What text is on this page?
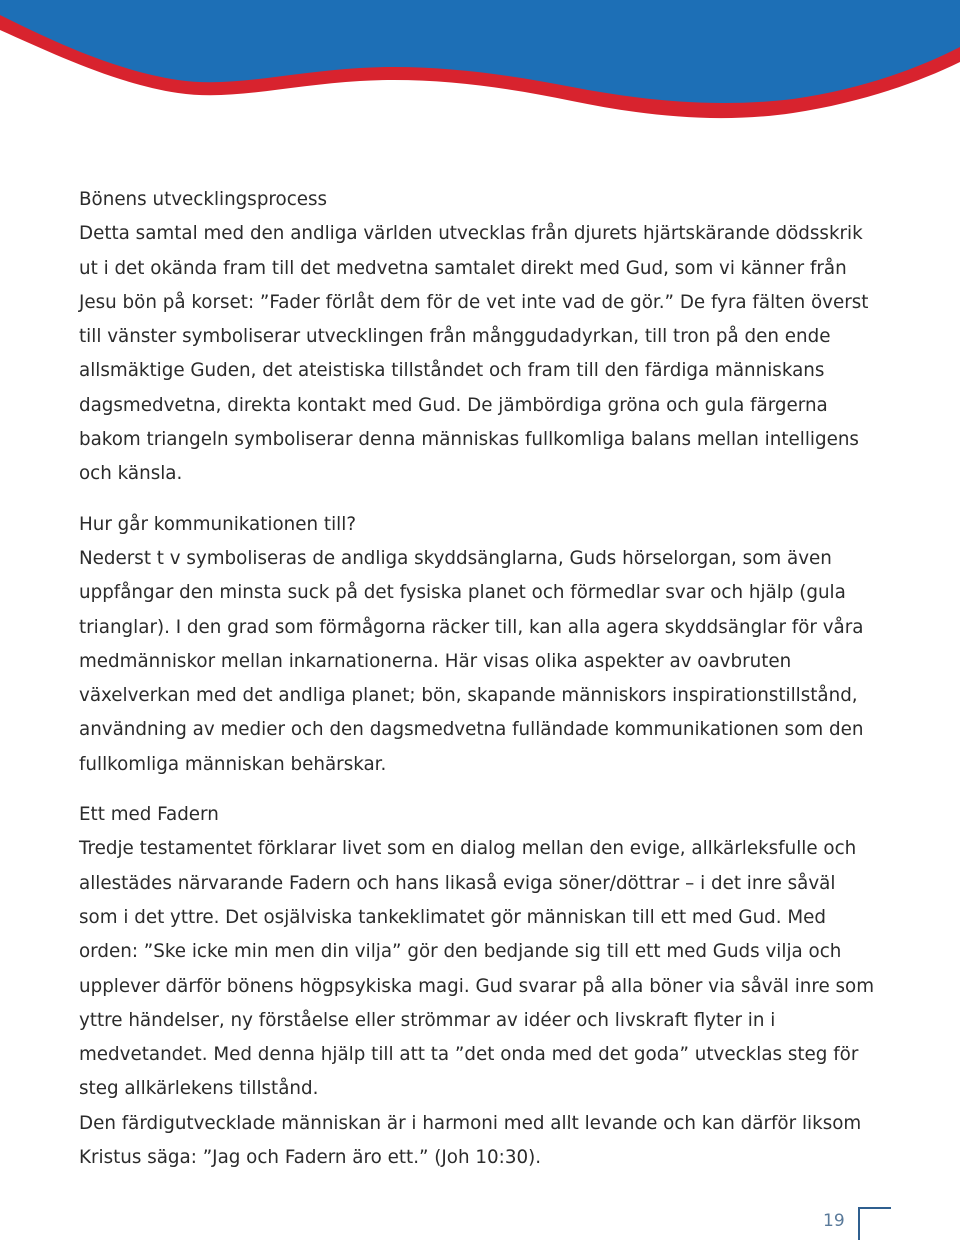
Bönens utvecklingsprocess

Detta samtal med den andliga världen utvecklas från djurets hjärtskärande dödsskrik ut i det okända fram till det medvetna samtalet direkt med Gud, som vi känner från Jesu bön på korset: ”Fader förlåt dem för de vet inte vad de gör.” De fyra fälten överst till vänster symboliserar utvecklingen från månggudadyrkan, till tron på den ende allsmäktige Guden, det ateistiska tillståndet och fram till den färdiga människans dagsmedvetna, direkta kontakt med Gud. De jämbördiga gröna och gula färgerna bakom triangeln symboliserar denna människas fullkomliga balans mellan intelligens och känsla.

Hur går kommunikationen till?

Nederst t v symboliseras de andliga skyddsänglarna, Guds hörselorgan, som även uppfångar den minsta suck på det fysiska planet och förmedlar svar och hjälp (gula trianglar). I den grad som förmågorna räcker till, kan alla agera skyddsänglar för våra medmänniskor mellan inkarnationerna. Här visas olika aspekter av oavbruten växelverkan med det andliga planet; bön, skapande människors inspirationstillstånd, användning av medier och den dagsmedvetna fulländade kommunikationen som den fullkomliga människan behärskar.

Ett med Fadern

Tredje testamentet förklarar livet som en dialog mellan den evige, allkärleksfulle och allestädes närvarande Fadern och hans likaså eviga söner/döttrar – i det inre såväl som i det yttre. Det osjälviska tankeklimatet gör människan till ett med Gud. Med orden: ”Ske icke min men din vilja” gör den bedjande sig till ett med Guds vilja och upplever därför bönens högpsykiska magi. Gud svarar på alla böner via såväl inre som yttre händelser, ny förståelse eller strömmar av idéer och livskraft flyter in i medvetandet. Med denna hjälp till att ta ”det onda med det goda” utvecklas steg för steg allkärlekens tillstånd.

Den färdigutvecklade människan är i harmoni med allt levande och kan därför liksom Kristus säga: ”Jag och Fadern äro ett.” (Joh 10:30).

19
